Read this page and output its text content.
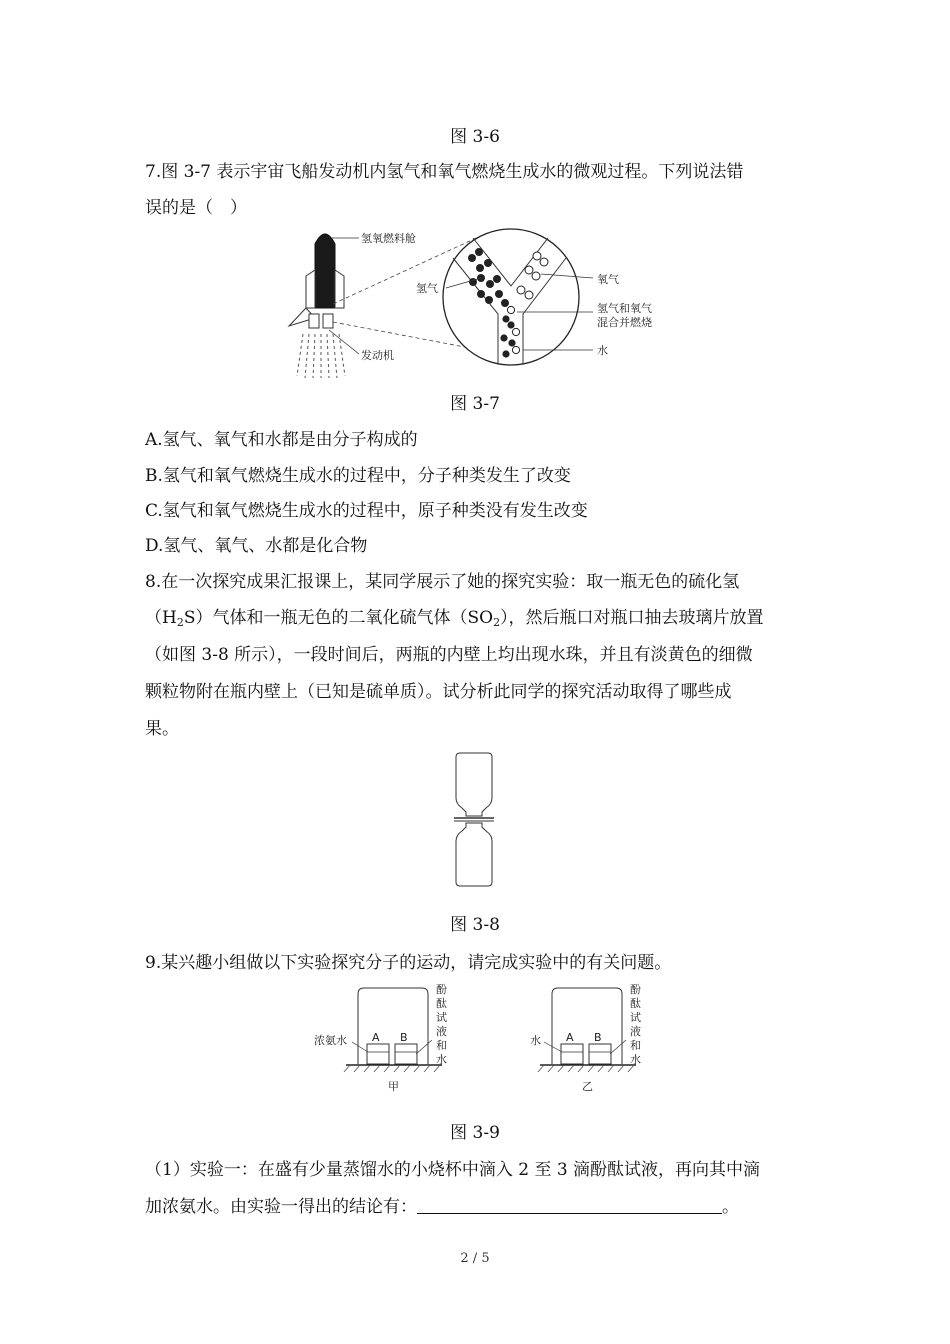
图 3-6
7.图 3-7 表示宇宙飞船发动机内氢气和氧气燃烧生成水的微观过程。下列说法错
误的是（　）
氢氧燃料舱
发动机
氢气
氧气
氢气和氧气
混合并燃烧
水
图 3-7
A.氢气、氧气和水都是由分子构成的
B.氢气和氧气燃烧生成水的过程中，分子种类发生了改变
C.氢气和氧气燃烧生成水的过程中，原子种类没有发生改变
D.氢气、氧气、水都是化合物
8.在一次探究成果汇报课上，某同学展示了她的探究实验：取一瓶无色的硫化氢
$(H_2S)$气体和一瓶无色的二氧化硫气体$(SO_2)$，然后瓶口对瓶口抽去玻璃片放置
（如图 3-8 所示），一段时间后，两瓶的内壁上均出现水珠，并且有淡黄色的细微
颗粒物附在瓶内壁上（已知是硫单质）。试分析此同学的探究活动取得了哪些成
果。
图 3-8
9.某兴趣小组做以下实验探究分子的运动，请完成实验中的有关问题。
A B
浓氨水
酚
酞
试
液
和
水
甲
A B
水
酚
酞
试
液
和
水
乙
图 3-9
（1）实验一：在盛有少量蒸馏水的小烧杯中滴入 2 至 3 滴酚酞试液，再向其中滴
加浓氨水。由实验一得出的结论有：	。
2 / 5
